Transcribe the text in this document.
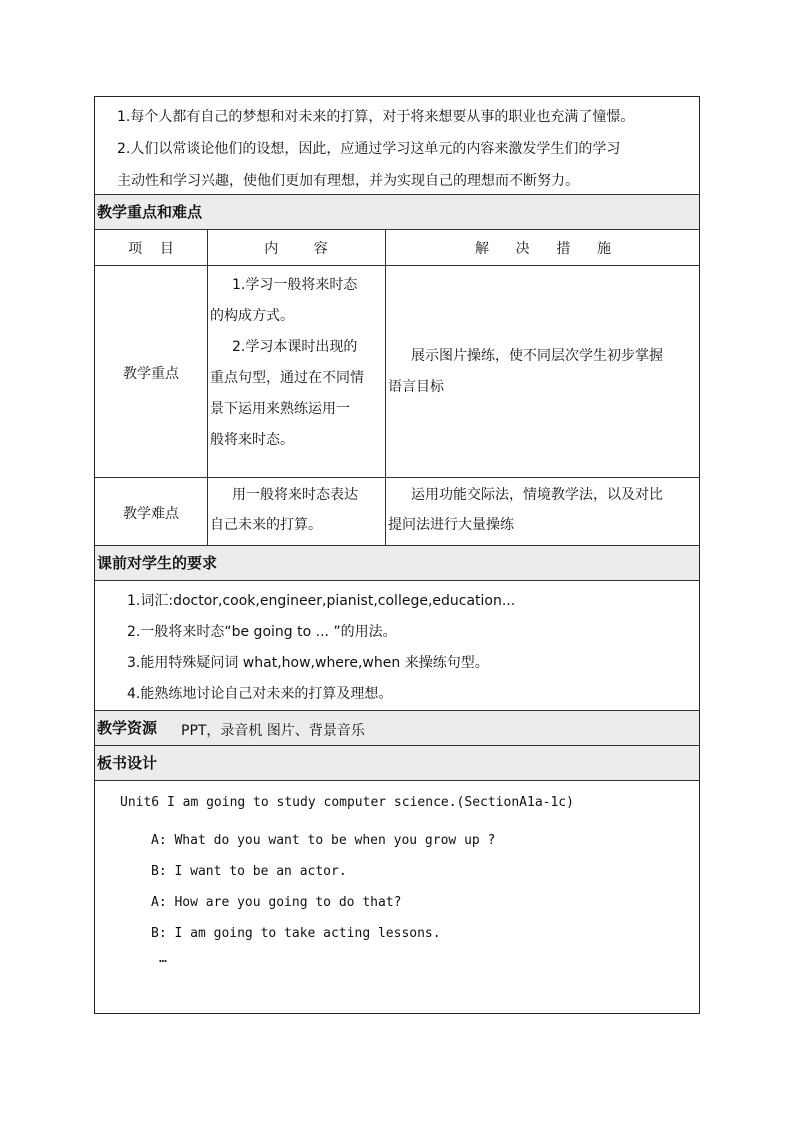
1.每个人都有自己的梦想和对未来的打算，对于将来想要从事的职业也充满了憧憬。
2.人们以常谈论他们的设想，因此，应通过学习这单元的内容来激发学生们的学习
主动性和学习兴趣，使他们更加有理想，并为实现自己的理想而不断努力。
教学重点和难点
项    目	内        容	解      决      措      施
教学重点
1.学习一般将来时态
的构成方式。
2.学习本课时出现的
重点句型，通过在不同情
景下运用来熟练运用一
般将来时态。
展示图片操练，使不同层次学生初步掌握
语言目标
教学难点
用一般将来时态表达
自己未来的打算。
运用功能交际法，情境教学法，以及对比
提问法进行大量操练
课前对学生的要求
1.词汇:doctor,cook,engineer,pianist,college,education...
2.一般将来时态“be going to ... ”的用法。
3.能用特殊疑问词 what,how,where,when 来操练句型。
4.能熟练地讨论自己对未来的打算及理想。
教学资源 PPT，录音机 图片、背景音乐
板书设计
Unit6 I am going to study computer science.(SectionA1a-1c)
A: What do you want to be when you grow up ?
B: I want to be an actor.
A: How are you going to do that?
B: I am going to take acting lessons.
…
